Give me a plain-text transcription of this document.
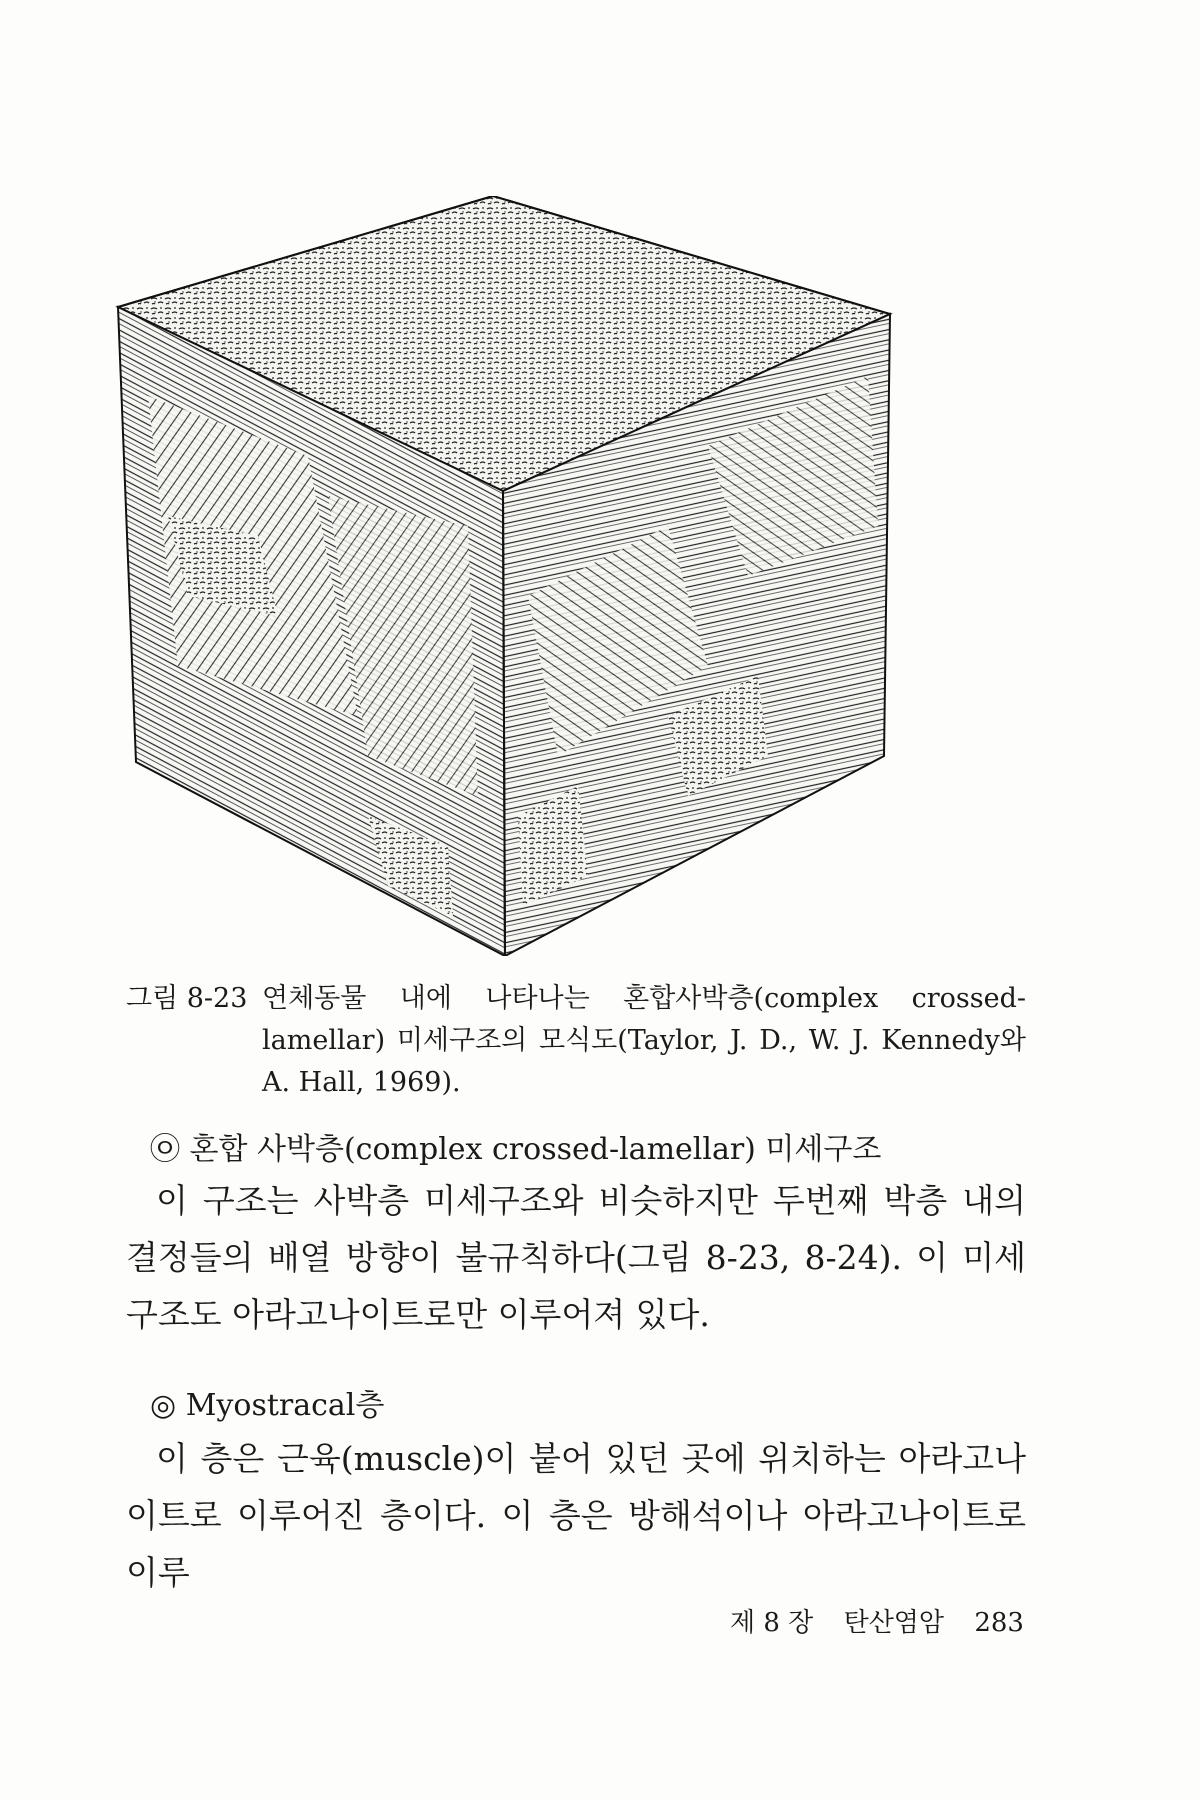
그림 8-23 연체동물 내에 나타나는 혼합사박층(complex crossed-lamellar) 미세구조의 모식도(Taylor, J. D., W. J. Kennedy와 A. Hall, 1969).
㉧ 혼합 사박층(complex crossed-lamellar) 미세구조
이 구조는 사박층 미세구조와 비슷하지만 두번째 박층 내의 결정들의 배열 방향이 불규칙하다(그림 8-23, 8-24). 이 미세구조도 아라고나이트로만 이루어져 있다.
◎ Myostracal층
이 층은 근육(muscle)이 붙어 있던 곳에 위치하는 아라고나이트로 이루어진 층이다. 이 층은 방해석이나 아라고나이트로 이루
제 8 장 탄산염암 283
